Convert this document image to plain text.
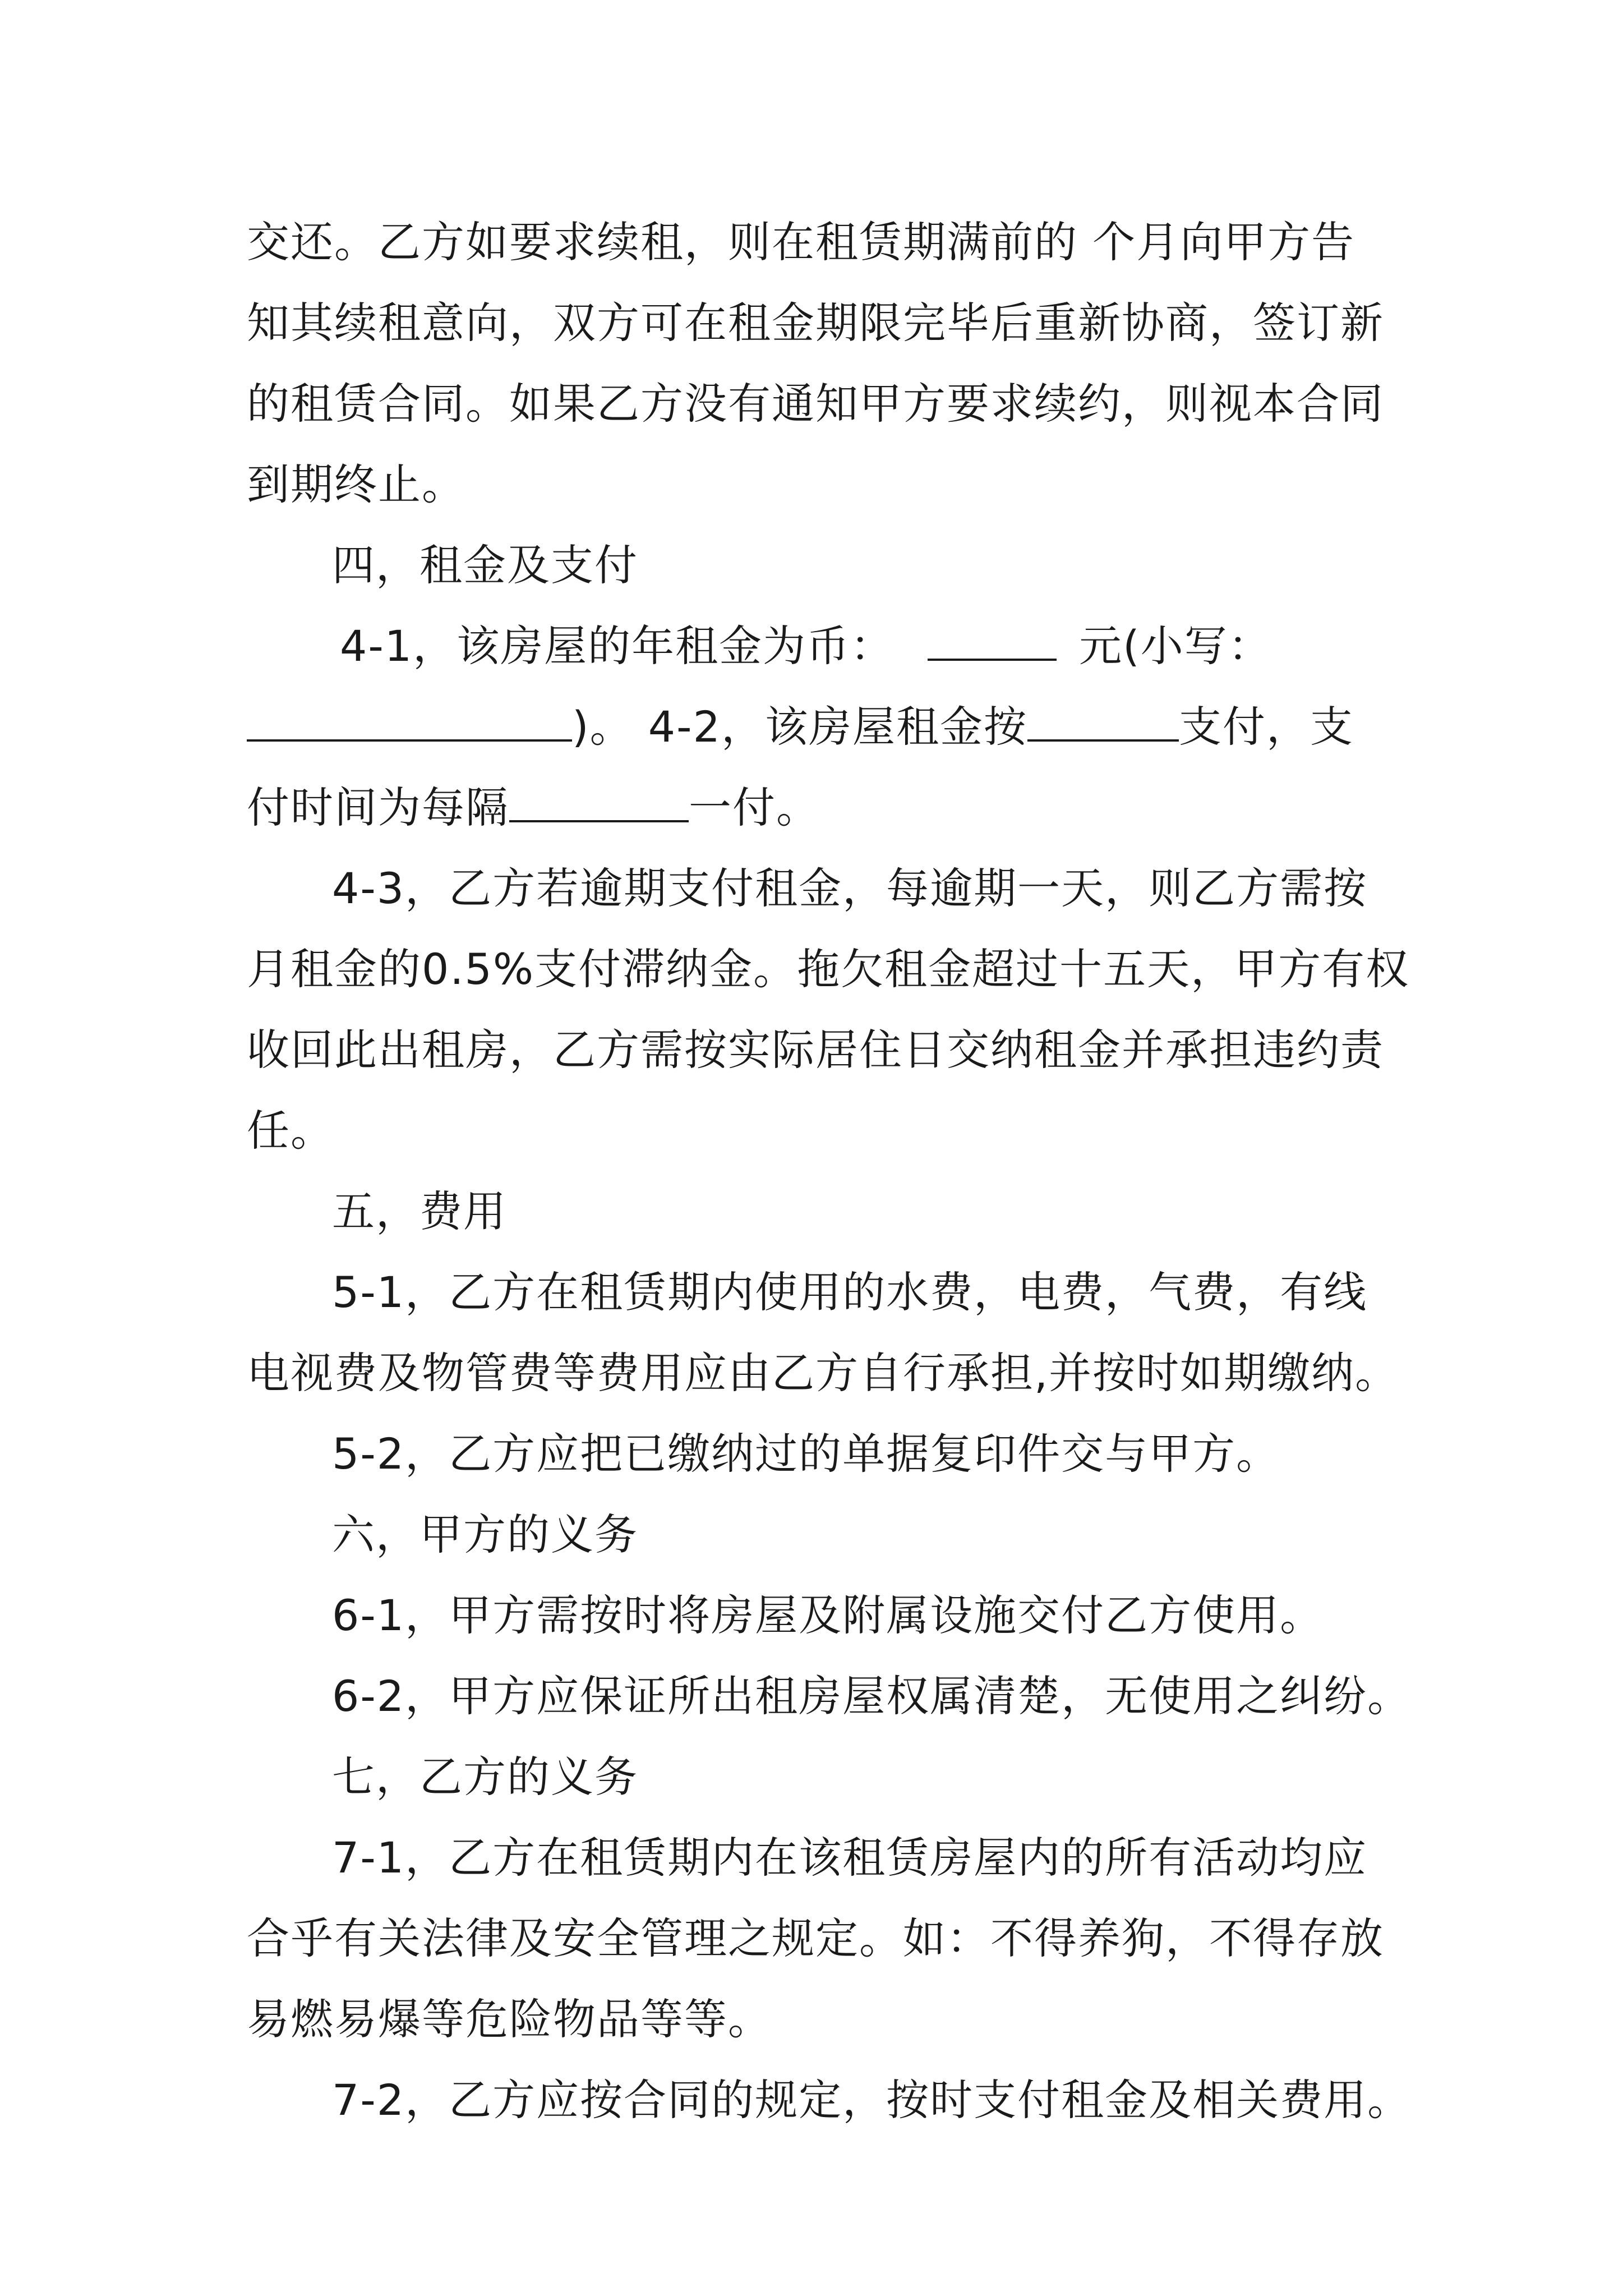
交还。乙方如要求续租，则在租赁期满前的 个月向甲方告
知其续租意向，双方可在租金期限完毕后重新协商，签订新
的租赁合同。如果乙方没有通知甲方要求续约，则视本合同
到期终止。
四，租金及支付
4-1，该房屋的年租金为币：	元(小写：
)。 4-2，该房屋租金按	支付，支
付时间为每隔	一付。
4-3，乙方若逾期支付租金，每逾期一天，则乙方需按
月租金的0.5%支付滞纳金。拖欠租金超过十五天，甲方有权
收回此出租房，乙方需按实际居住日交纳租金并承担违约责
任。
五，费用
5-1，乙方在租赁期内使用的水费，电费，气费，有线
电视费及物管费等费用应由乙方自行承担,并按时如期缴纳。
5-2，乙方应把已缴纳过的单据复印件交与甲方。
六，甲方的义务
6-1，甲方需按时将房屋及附属设施交付乙方使用。
6-2，甲方应保证所出租房屋权属清楚，无使用之纠纷。
七，乙方的义务
7-1，乙方在租赁期内在该租赁房屋内的所有活动均应
合乎有关法律及安全管理之规定。如：不得养狗，不得存放
易燃易爆等危险物品等等。
7-2，乙方应按合同的规定，按时支付租金及相关费用。
